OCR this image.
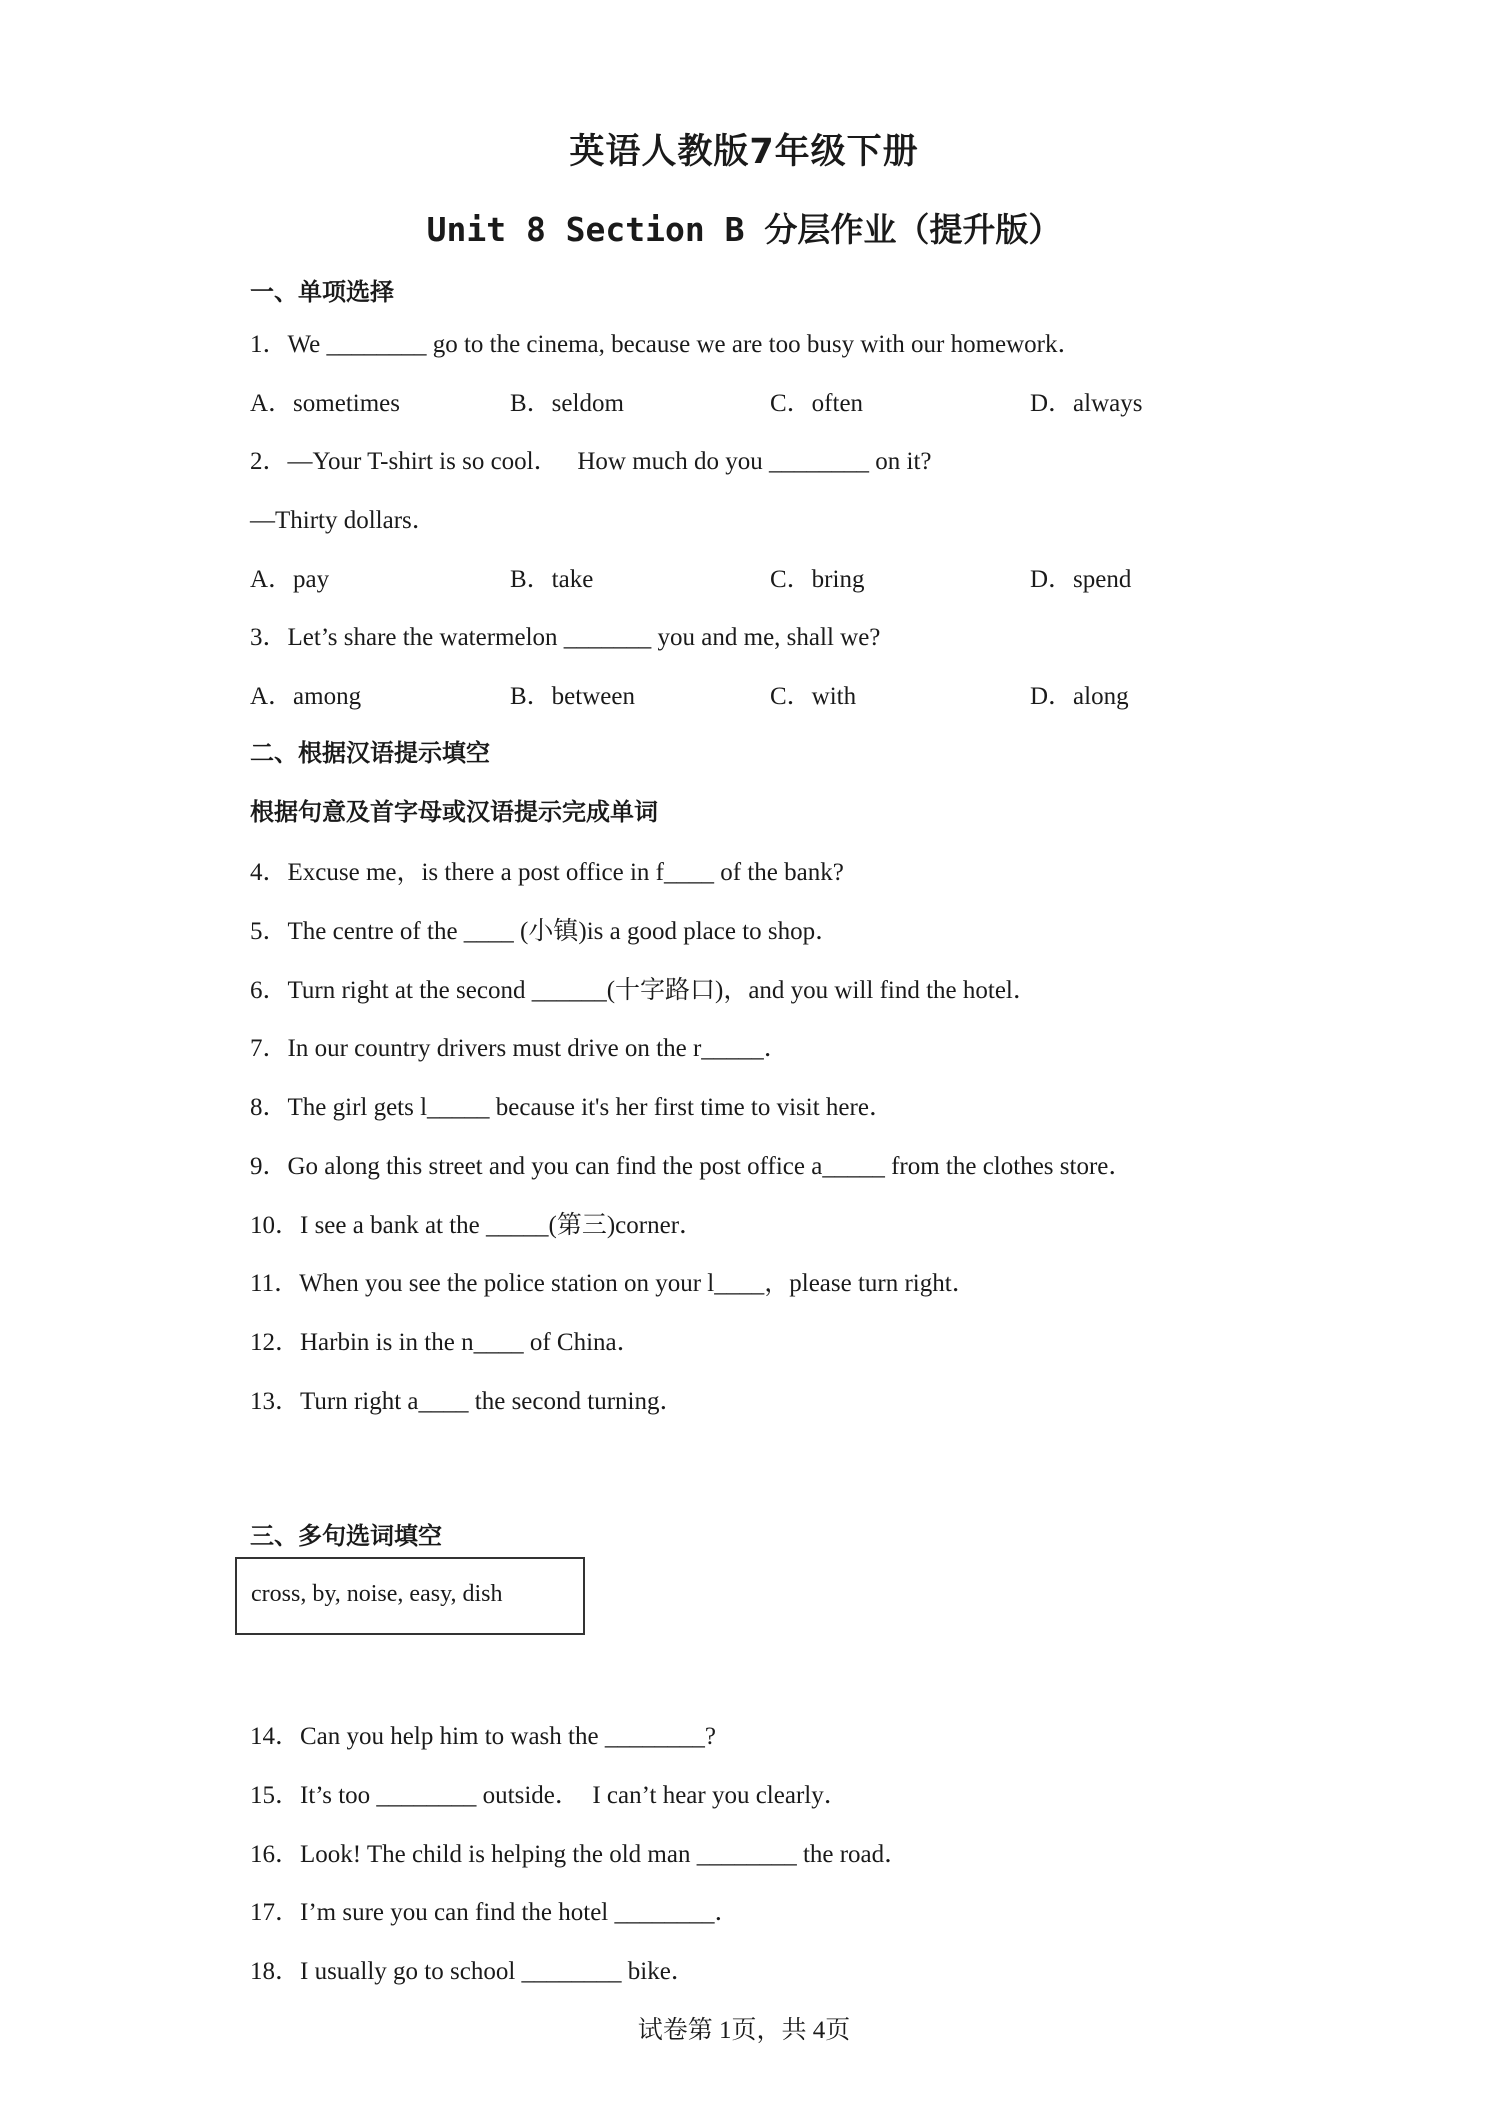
英语人教版7年级下册
Unit 8 Section B 分层作业（提升版）
一、单项选择
1．We ________ go to the cinema, because we are too busy with our homework．
A．sometimes	B．seldom	C．often	D．always
2．—Your T-shirt is so cool．   How much do you ________ on it?
—Thirty dollars．
A．pay	B．take	C．bring	D．spend
3．Let’s share the watermelon _______ you and me, shall we?
A．among	B．between	C．with	D．along
二、根据汉语提示填空
根据句意及首字母或汉语提示完成单词
4．Excuse me，is there a post office in f____ of the bank?
5．The centre of the ____ (小镇)is a good place to shop．
6．Turn right at the second ______(十字路口)，and you will find the hotel．
7．In our country drivers must drive on the r_____．
8．The girl gets l_____ because it's her first time to visit here．
9．Go along this street and you can find the post office a_____ from the clothes store．
10．I see a bank at the _____(第三)corner．
11．When you see the police station on your l____，please turn right．
12．Harbin is in the n____ of China．
13．Turn right a____ the second turning．
三、多句选词填空
cross, by, noise, easy, dish
14．Can you help him to wash the ________?
15．It’s too ________ outside．  I can’t hear you clearly．
16．Look! The child is helping the old man ________ the road．
17．I’m sure you can find the hotel ________．
18．I usually go to school ________ bike．
试卷第 1页，共 4页
